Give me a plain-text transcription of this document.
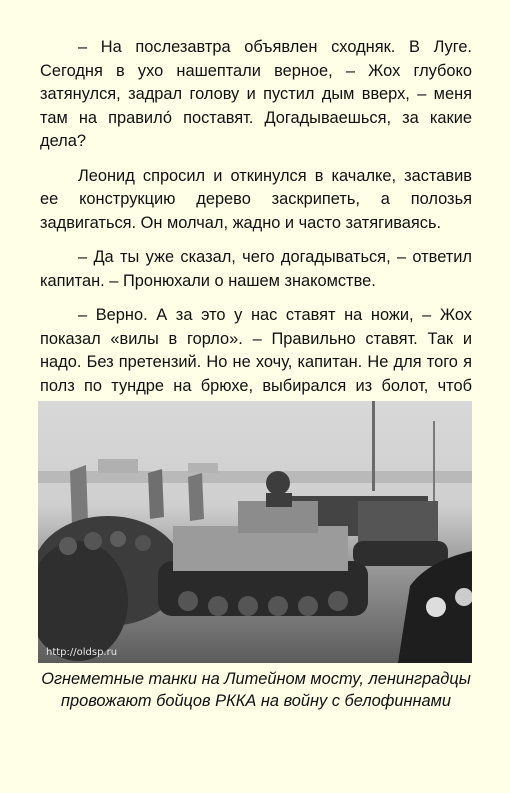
– На послезавтра объявлен сходняк. В Луге. Сегодня в ухо нашептали верное, – Жох глубоко затянулся, задрал голову и пустил дым вверх, – меня там на правило́ поставят. Догадываешься, за какие дела?

Леонид спросил и откинулся в качалке, заставив ее конструкцию дерево заскрипеть, а полозья задвигаться. Он молчал, жадно и часто затягиваясь.

– Да ты уже сказал, чего догадываться, – ответил капитан. – Пронюхали о нашем знакомстве.

– Верно. А за это у нас ставят на ножи, – Жох показал «вилы в горло». – Правильно ставят. Так и надо. Без претензий. Но не хочу, капитан. Не для того я полз по тундре на брюхе, выбирался из болот, чтоб

http://oldsp.ru
Огнеметные танки на Литейном мосту, ленинградцы
провожают бойцов РККА на войну с белофиннами
